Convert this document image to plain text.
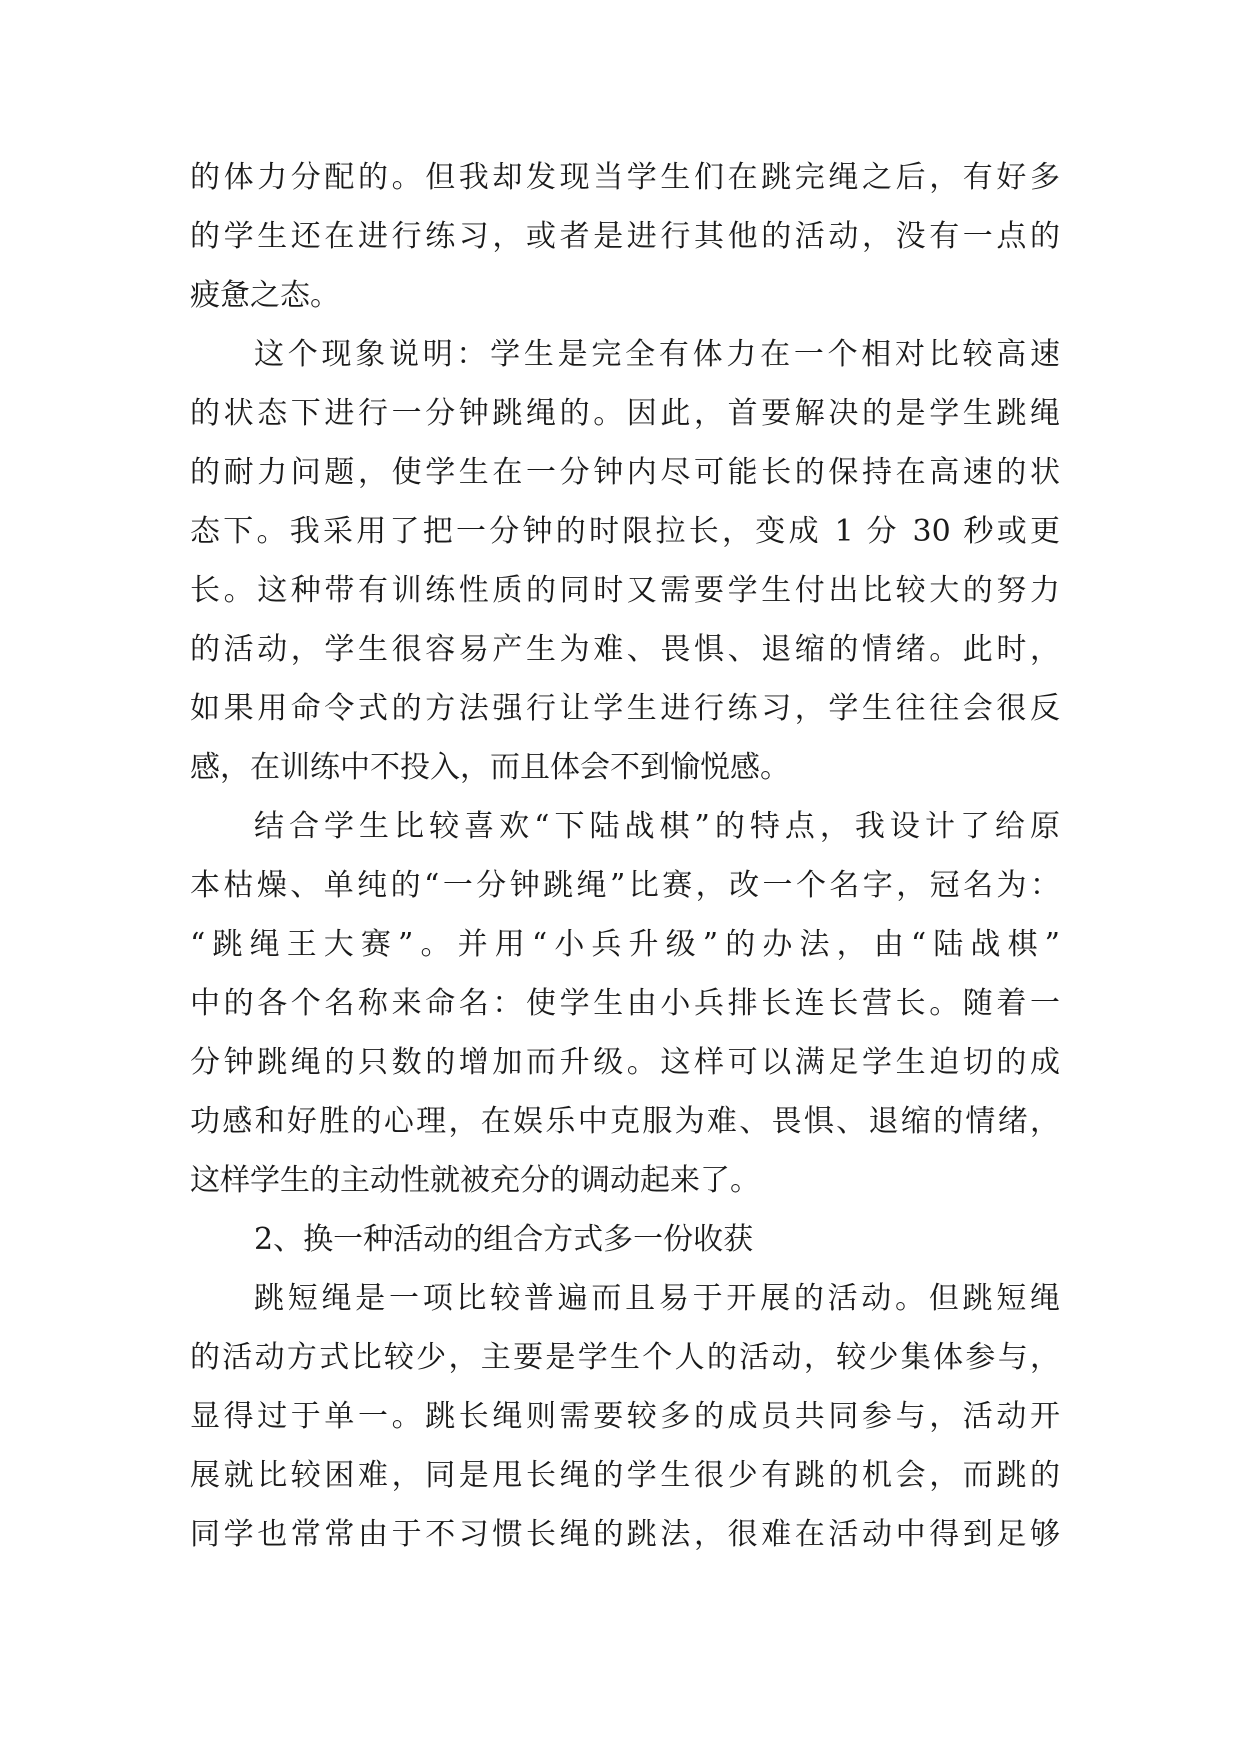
的体力分配的。但我却发现当学生们在跳完绳之后，有好多
的学生还在进行练习，或者是进行其他的活动，没有一点的
疲惫之态。
这个现象说明：学生是完全有体力在一个相对比较高速
的状态下进行一分钟跳绳的。因此，首要解决的是学生跳绳
的耐力问题，使学生在一分钟内尽可能长的保持在高速的状
态下。我采用了把一分钟的时限拉长，变成 1 分 30 秒或更
长。这种带有训练性质的同时又需要学生付出比较大的努力
的活动，学生很容易产生为难、畏惧、退缩的情绪。此时，
如果用命令式的方法强行让学生进行练习，学生往往会很反
感，在训练中不投入，而且体会不到愉悦感。
结合学生比较喜欢“下陆战棋”的特点，我设计了给原
本枯燥、单纯的“一分钟跳绳”比赛，改一个名字，冠名为：
“跳绳王大赛”。并用“小兵升级”的办法，由“陆战棋”
中的各个名称来命名：使学生由小兵排长连长营长。随着一
分钟跳绳的只数的增加而升级。这样可以满足学生迫切的成
功感和好胜的心理，在娱乐中克服为难、畏惧、退缩的情绪，
这样学生的主动性就被充分的调动起来了。
2、换一种活动的组合方式多一份收获
跳短绳是一项比较普遍而且易于开展的活动。但跳短绳
的活动方式比较少，主要是学生个人的活动，较少集体参与，
显得过于单一。跳长绳则需要较多的成员共同参与，活动开
展就比较困难，同是甩长绳的学生很少有跳的机会，而跳的
同学也常常由于不习惯长绳的跳法，很难在活动中得到足够
